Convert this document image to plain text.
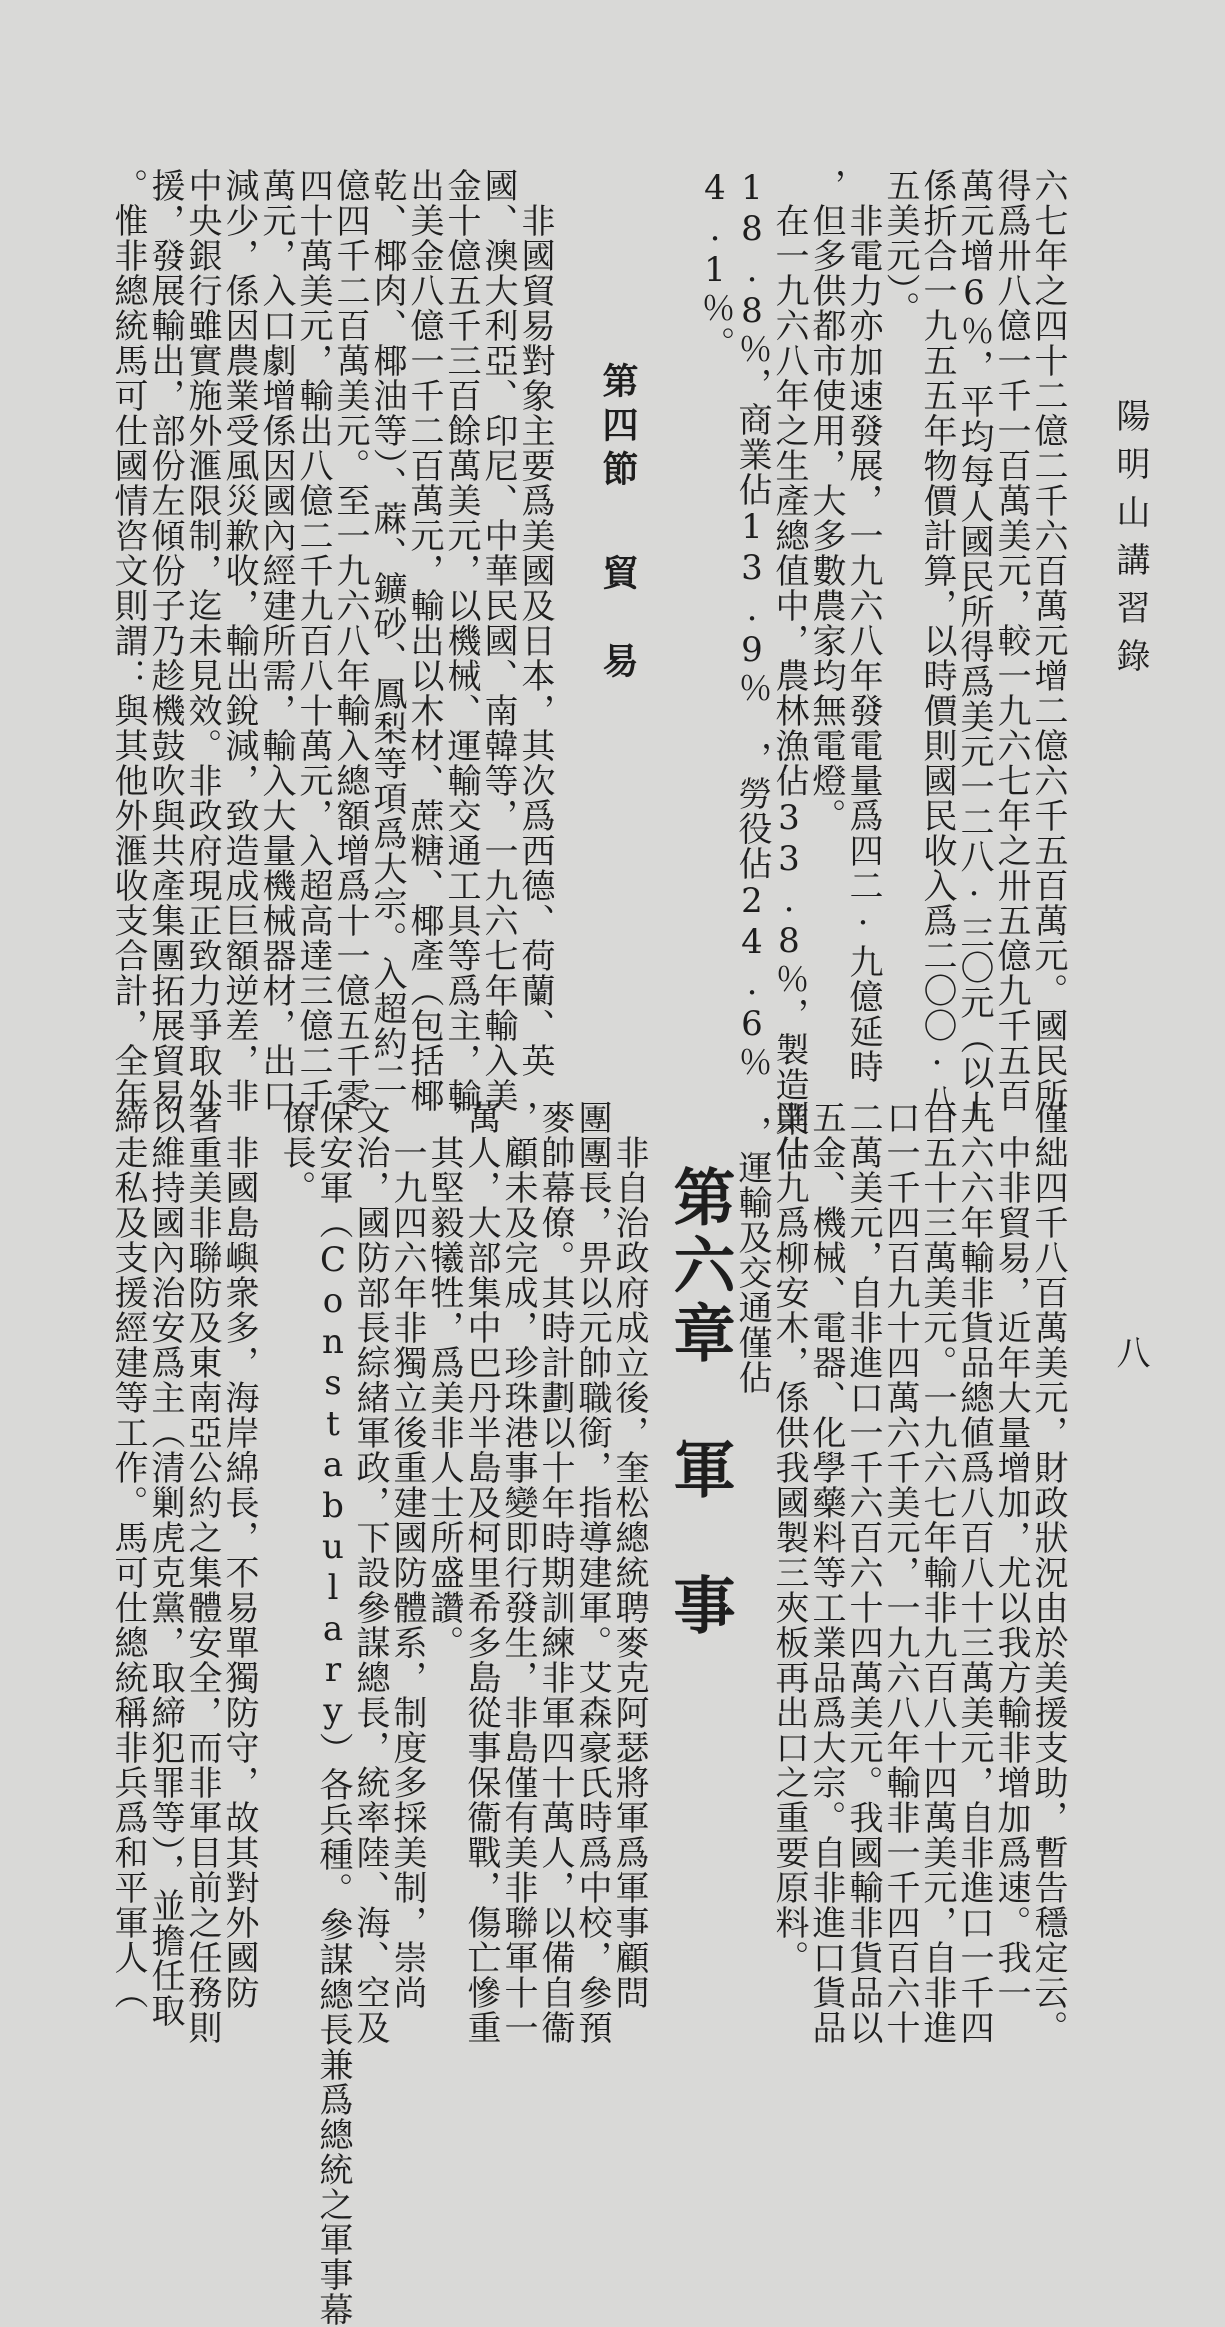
陽明山講習錄
八
六七年之四十二億二千六百萬元增二億六千五百萬元。國民所
得爲卅八億一千一百萬美元，較一九六七年之卅五億九千五百
萬元增6％，平均每人國民所得爲美元一二八·三〇元（以上
係折合一九五五年物價計算，以時價則國民收入爲二〇〇·八
五美元）。
　非電力亦加速發展，一九六八年發電量爲四二·九億延時
，但多供都市使用，大多數農家均無電燈。
　在一九六八年之生產總值中，農林漁佔33.8％，製造業佔
18.8％，商業佔13.9％　，勞役佔24.6％　，運輸及交通僅佔
4.1％。
第四節貿　易
　非國貿易對象主要爲美國及日本，其次爲西德、荷蘭、英
國、澳大利亞、印尼、中華民國、南韓等，一九六七年輸入美
金十億五千三百餘萬美元，以機械、運輸交通工具等爲主，輸
出美金八億一千二百萬元，輸出以木材、蔗糖、椰產（包括椰
乾、椰肉、椰油等）、蔴、鑛砂、鳳梨等項爲大宗。入超約二
億四千二百萬美元。至一九六八年輸入總額增爲十一億五千零
四十萬美元，輸出八億二千九百八十萬元，入超高達三億二千
萬元，入口劇增係因國內經建所需，輸入大量機械器材，出口
減少，係因農業受風災歉收，輸出銳減，致造成巨額逆差，非
中央銀行雖實施外滙限制，迄未見效。非政府現正致力爭取外
援，發展輸出，部份左傾份子乃趁機鼓吹與共產集團拓展貿易
。惟非總統馬可仕國情咨文則謂：與其他外滙收支合計，全年
僅絀四千八百萬美元，財政狀況由於美援支助，暫告穩定云。
　中非貿易，近年大量增加，尤以我方輸非增加爲速。我一
九六六年輸非貨品總値爲八百八十三萬美元，自非進口一千四
百五十三萬美元。一九六七年輸非九百八十四萬美元，自非進
口一千四百九十四萬六千美元，一九六八年輸非一千四百六十
二萬美元，自非進口一千六百六十四萬美元。我國輸非貨品以
五金、機械、電器、化學藥料等工業品爲大宗。自非進口貨品
則什九爲柳安木，係供我國製三夾板再出口之重要原料。
第六章　軍　事
　非自治政府成立後，奎松總統聘麥克阿瑟將軍爲軍事顧問
團團長，畀以元帥職銜，指導建軍。艾森豪氏時爲中校，參預
麥帥幕僚。其時計劃以十年時期訓練非軍四十萬人，以備自衞
，顧未及完成，珍珠港事變即行發生，非島僅有美非聯軍十一
萬人，大部集中巴丹半島及柯里希多島從事保衞戰，傷亡慘重
，其堅毅犧牲，爲美非人士所盛讚。
　一九四六年非獨立後重建國防體系，制度多採美制，崇尚
文治，國防部長綜緒軍政，下設參謀總長，統率陸、海、空及
保安軍（Constabulary）各兵種。參謀總長兼爲總統之軍事幕
僚長。
　非國島嶼衆多，海岸綿長，不易單獨防守，故其對外國防
著重美非聯防及東南亞公約之集體安全，而非軍目前之任務則
以維持國內治安爲主（清剿虎克黨，取締犯罪等），並擔任取
締走私及支援經建等工作。馬可仕總統稱非兵爲和平軍人（
